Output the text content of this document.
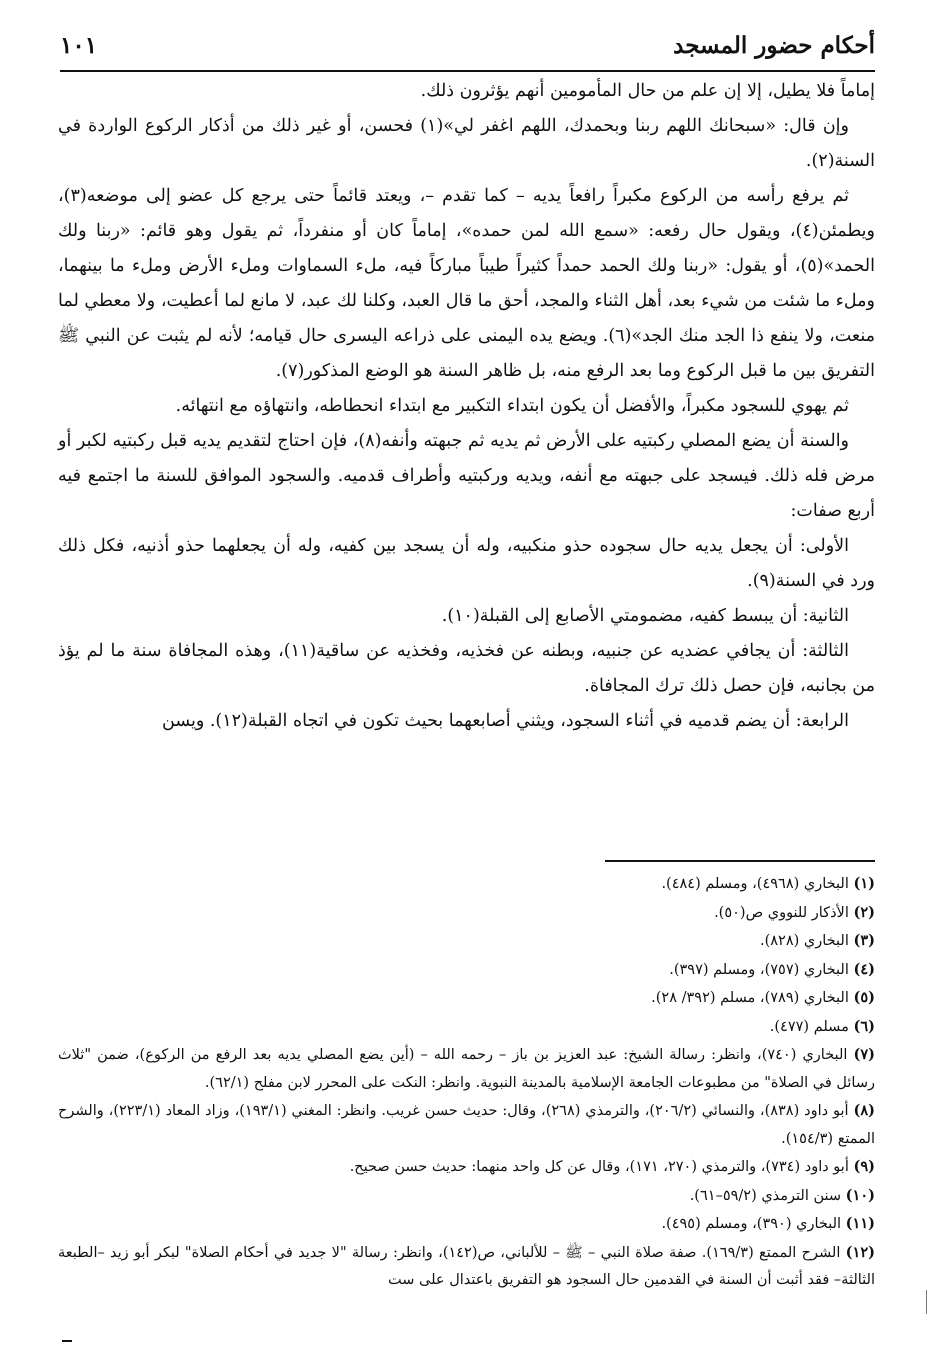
أحكام حضور المسجد
١٠١

إماماً فلا يطيل، إلا إن علم من حال المأمومين أنهم يؤثرون ذلك.

وإن قال: «سبحانك اللهم ربنا وبحمدك، اللهم اغفر لي»(١) فحسن، أو غير ذلك من أذكار الركوع الواردة في السنة(٢).

ثم يرفع رأسه من الركوع مكبراً رافعاً يديه – كما تقدم –، ويعتد قائماً حتى يرجع كل عضو إلى موضعه(٣)، ويطمئن(٤)، ويقول حال رفعه: «سمع الله لمن حمده»، إماماً كان أو منفرداً، ثم يقول وهو قائم: «ربنا ولك الحمد»(٥)، أو يقول: «ربنا ولك الحمد حمداً كثيراً طيباً مباركاً فيه، ملء السماوات وملء الأرض وملء ما بينهما، وملء ما شئت من شيء بعد، أهل الثناء والمجد، أحق ما قال العبد، وكلنا لك عبد، لا مانع لما أعطيت، ولا معطي لما منعت، ولا ينفع ذا الجد منك الجد»(٦). ويضع يده اليمنى على ذراعه اليسرى حال قيامه؛ لأنه لم يثبت عن النبي ﷺ التفريق بين ما قبل الركوع وما بعد الرفع منه، بل ظاهر السنة هو الوضع المذكور(٧).

ثم يهوي للسجود مكبراً، والأفضل أن يكون ابتداء التكبير مع ابتداء انحطاطه، وانتهاؤه مع انتهائه.

والسنة أن يضع المصلي ركبتيه على الأرض ثم يديه ثم جبهته وأنفه(٨)، فإن احتاج لتقديم يديه قبل ركبتيه لكبر أو مرض فله ذلك. فيسجد على جبهته مع أنفه، ويديه وركبتيه وأطراف قدميه. والسجود الموافق للسنة ما اجتمع فيه أربع صفات:

الأولى: أن يجعل يديه حال سجوده حذو منكبيه، وله أن يسجد بين كفيه، وله أن يجعلهما حذو أذنيه، فكل ذلك ورد في السنة(٩).

الثانية: أن يبسط كفيه، مضمومتي الأصابع إلى القبلة(١٠).

الثالثة: أن يجافي عضديه عن جنبيه، وبطنه عن فخذيه، وفخذيه عن ساقية(١١)، وهذه المجافاة سنة ما لم يؤذ من بجانبه، فإن حصل ذلك ترك المجافاة.

الرابعة: أن يضم قدميه في أثناء السجود، ويثني أصابعهما بحيث تكون في اتجاه القبلة(١٢). ويسن

(١) البخاري (٤٩٦٨)، ومسلم (٤٨٤).

(٢) الأذكار للنووي ص(٥٠).

(٣) البخاري (٨٢٨).

(٤) البخاري (٧٥٧)، ومسلم (٣٩٧).

(٥) البخاري (٧٨٩)، مسلم (٣٩٢/ ٢٨).

(٦) مسلم (٤٧٧).

(٧) البخاري (٧٤٠)، وانظر: رسالة الشيخ: عبد العزيز بن باز – رحمه الله – (أين يضع المصلي يديه بعد الرفع من الركوع)، ضمن "ثلاث رسائل في الصلاة" من مطبوعات الجامعة الإسلامية بالمدينة النبوية. وانظر: النكت على المحرر لابن مفلح (٦٢/١).

(٨) أبو داود (٨٣٨)، والنسائي (٢٠٦/٢)، والترمذي (٢٦٨)، وقال: حديث حسن غريب. وانظر: المغني (١٩٣/١)، وزاد المعاد (٢٢٣/١)، والشرح الممتع (١٥٤/٣).

(٩) أبو داود (٧٣٤)، والترمذي (٢٧٠، ١٧١)، وقال عن كل واحد منهما: حديث حسن صحيح.

(١٠) سنن الترمذي (٥٩/٢–٦١).

(١١) البخاري (٣٩٠)، ومسلم (٤٩٥).

(١٢) الشرح الممتع (١٦٩/٣). صفة صلاة النبي – ﷺ – للألباني، ص(١٤٢)، وانظر: رسالة "لا جديد في أحكام الصلاة" لبكر أبو زيد –الطبعة الثالثة– فقد أثبت أن السنة في القدمين حال السجود هو التفريق باعتدال على ست
